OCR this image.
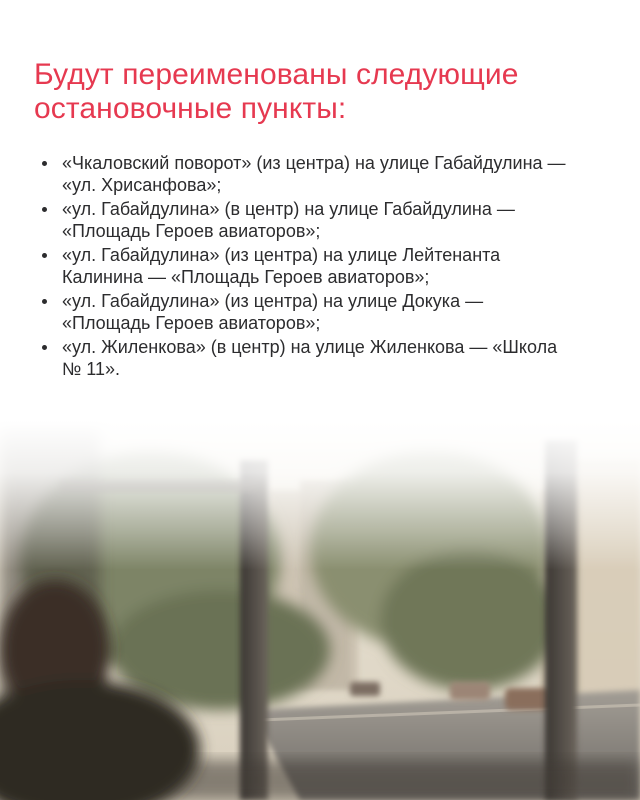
Будут переименованы следующие
остановочные пункты:
«Чкаловский поворот» (из центра) на улице Габайдулина —
«ул. Хрисанфова»;
«ул. Габайдулина» (в центр) на улице Габайдулина —
«Площадь Героев авиаторов»;
«ул. Габайдулина» (из центра) на улице Лейтенанта
Калинина — «Площадь Героев авиаторов»;
«ул. Габайдулина» (из центра) на улице Докука —
«Площадь Героев авиаторов»;
«ул. Жиленкова» (в центр) на улице Жиленкова — «Школа
№ 11».
